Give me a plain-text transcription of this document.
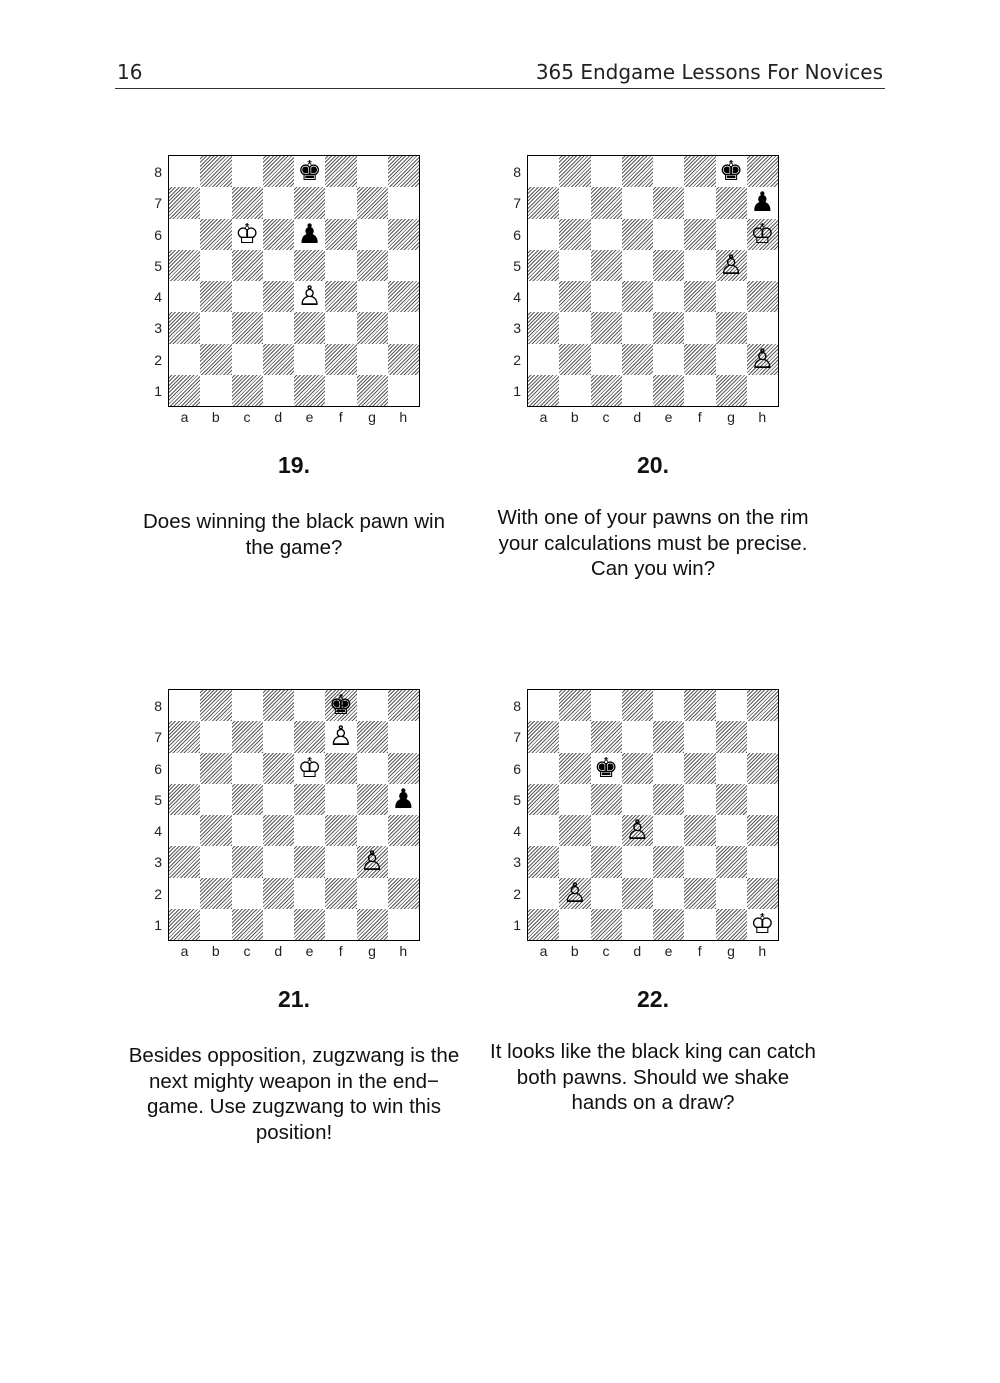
16	365 Endgame Lessons For Novices
♚
♔ ♟
♙
8
7
6
5
4
3
2
1
a	b	c	d	e	f	g	h
19.
Does winning the black pawn win
the game?
♚
♟
♔
♙
♙
8
7
6
5
4
3
2
1
a	b	c	d	e	f	g	h
20.
With one of your pawns on the rim
your calculations must be precise.
Can you win?
♚
♙
♔
♟
♙
8
7
6
5
4
3
2
1
a	b	c	d	e	f	g	h
21.
Besides opposition, zugzwang is the
next mighty weapon in the end−
game. Use zugzwang to win this
position!
♚
♙
♙
♔
8
7
6
5
4
3
2
1
a	b	c	d	e	f	g	h
22.
It looks like the black king can catch
both pawns. Should we shake
hands on a draw?
